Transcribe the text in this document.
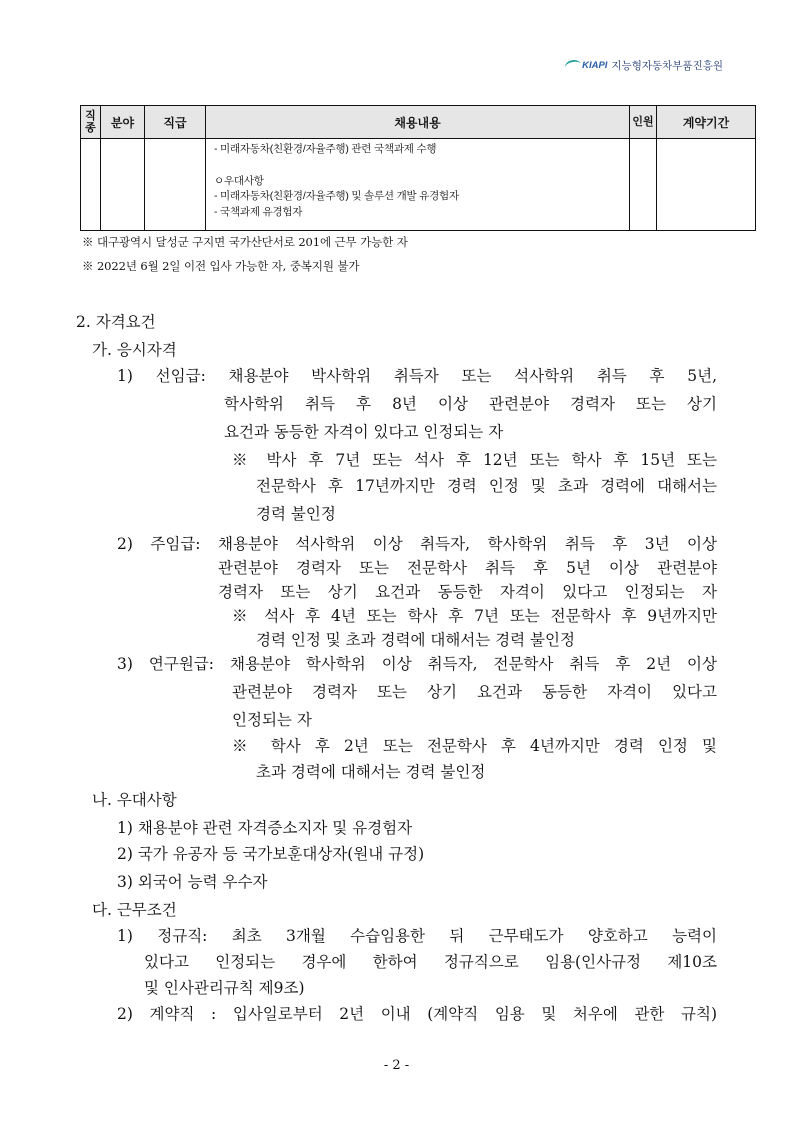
KIAPI 지능형자동차부품진흥원
직종	분야	직급	채용내용	인원	계약기간

			- 미래자동차(친환경/자율주행) 관련 국책과제 수행
ㅇ우대사항
- 미래자동차(친환경/자율주행) 및 솔루션 개발 유경험자
- 국책과제 유경험자		

※ 대구광역시 달성군 구지면 국가산단서로 201에 근무 가능한 자
※ 2022년 6월 2일 이전 입사 가능한 자, 중복지원 불가
2. 자격요건
가. 응시자격
1) 선임급: 채용분야 박사학위 취득자 또는 석사학위 취득 후 5년,
학사학위 취득 후 8년 이상 관련분야 경력자 또는 상기
요건과 동등한 자격이 있다고 인정되는 자
※ 박사 후 7년 또는 석사 후 12년 또는 학사 후 15년 또는
전문학사 후 17년까지만 경력 인정 및 초과 경력에 대해서는
경력 불인정
2) 주임급: 채용분야 석사학위 이상 취득자, 학사학위 취득 후 3년 이상
관련분야 경력자 또는 전문학사 취득 후 5년 이상 관련분야
경력자 또는 상기 요건과 동등한 자격이 있다고 인정되는 자
※ 석사 후 4년 또는 학사 후 7년 또는 전문학사 후 9년까지만
경력 인정 및 초과 경력에 대해서는 경력 불인정
3) 연구원급: 채용분야 학사학위 이상 취득자, 전문학사 취득 후 2년 이상
관련분야 경력자 또는 상기 요건과 동등한 자격이 있다고
인정되는 자
※ 학사 후 2년 또는 전문학사 후 4년까지만 경력 인정 및
초과 경력에 대해서는 경력 불인정
나. 우대사항
1) 채용분야 관련 자격증소지자 및 유경험자
2) 국가 유공자 등 국가보훈대상자(원내 규정)
3) 외국어 능력 우수자
다. 근무조건
1) 정규직: 최초 3개월 수습임용한 뒤 근무태도가 양호하고 능력이
있다고 인정되는 경우에 한하여 정규직으로 임용(인사규정 제10조
및 인사관리규칙 제9조)
2) 계약직 : 입사일로부터 2년 이내 (계약직 임용 및 처우에 관한 규칙)
- 2 -
